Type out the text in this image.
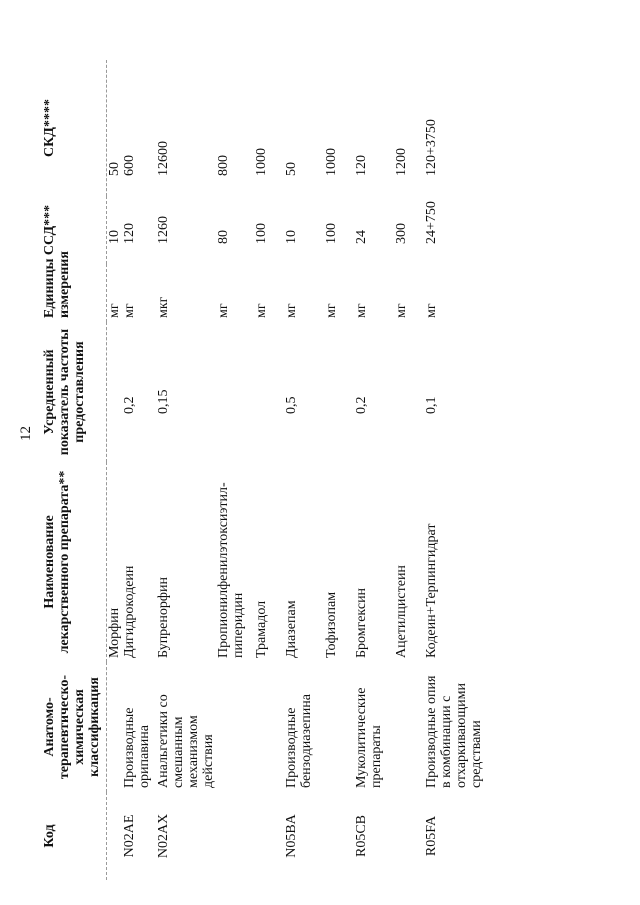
12
Код	Анатомо-терапевтическо-химическая классификация	Наименование лекарственного препарата**	Усредненный показатель частоты предоставления	Единицы измерения	ССД***	СКД****
		Морфин		мг	10	50
N02AE	Производные орипавина	Дигидрокодеин	0,2	мг	120	600
N02AX	Анальгетики со смешанным механизмом действия	Бупренорфин	0,15	мкг	1260	12600
		Пропионилфенилэтоксиэтил-пиперидин		мг	80	800
		Трамадол		мг	100	1000
N05BA	Производные бензодиазепина	Диазепам	0,5	мг	10	50
		Тофизопам		мг	100	1000
R05CB	Муколитические препараты	Бромгексин	0,2	мг	24	120
		Ацетилцистеин		мг	300	1200
R05FA	Производные опия в комбинации с отхаркивающими средствами	Кодеин+Терпингидрат	0,1	мг	24+750	120+3750
